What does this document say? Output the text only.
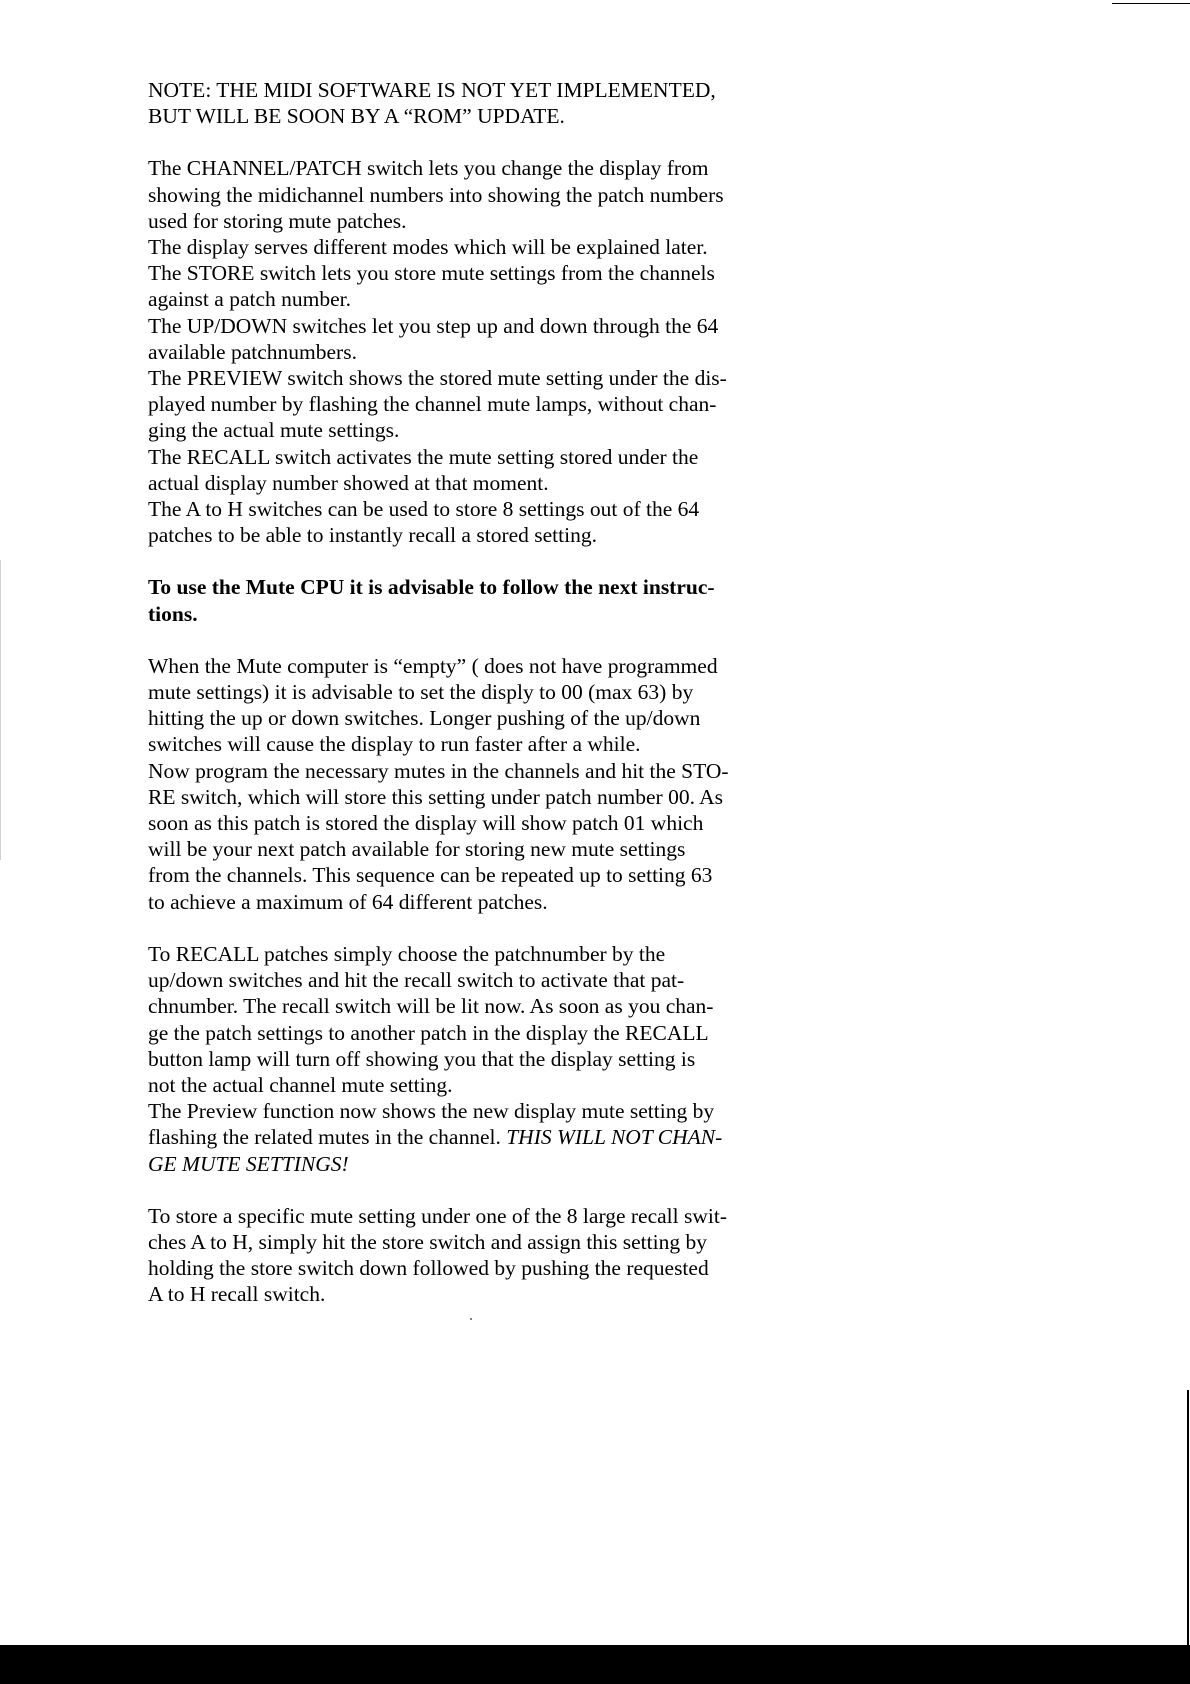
NOTE: THE MIDI SOFTWARE IS NOT YET IMPLEMENTED,
BUT WILL BE SOON BY A “ROM” UPDATE.
The CHANNEL/PATCH switch lets you change the display from
showing the midichannel numbers into showing the patch numbers
used for storing mute patches.
The display serves different modes which will be explained later.
The STORE switch lets you store mute settings from the channels
against a patch number.
The UP/DOWN switches let you step up and down through the 64
available patchnumbers.
The PREVIEW switch shows the stored mute setting under the dis-
played number by flashing the channel mute lamps, without chan-
ging the actual mute settings.
The RECALL switch activates the mute setting stored under the
actual display number showed at that moment.
The A to H switches can be used to store 8 settings out of the 64
patches to be able to instantly recall a stored setting.
To use the Mute CPU it is advisable to follow the next instruc-
tions.
When the Mute computer is “empty” ( does not have programmed
mute settings) it is advisable to set the disply to 00 (max 63) by
hitting the up or down switches. Longer pushing of the up/down
switches will cause the display to run faster after a while.
Now program the necessary mutes in the channels and hit the STO-
RE switch, which will store this setting under patch number 00. As
soon as this patch is stored the display will show patch 01 which
will be your next patch available for storing new mute settings
from the channels. This sequence can be repeated up to setting 63
to achieve a maximum of 64 different patches.
To RECALL patches simply choose the patchnumber by the
up/down switches and hit the recall switch to activate that pat-
chnumber. The recall switch will be lit now. As soon as you chan-
ge the patch settings to another patch in the display the RECALL
button lamp will turn off showing you that the display setting is
not the actual channel mute setting.
The Preview function now shows the new display mute setting by
flashing the related mutes in the channel. THIS WILL NOT CHAN-
GE MUTE SETTINGS!
To store a specific mute setting under one of the 8 large recall swit-
ches A to H, simply hit the store switch and assign this setting by
holding the store switch down followed by pushing the requested
A to H recall switch.
